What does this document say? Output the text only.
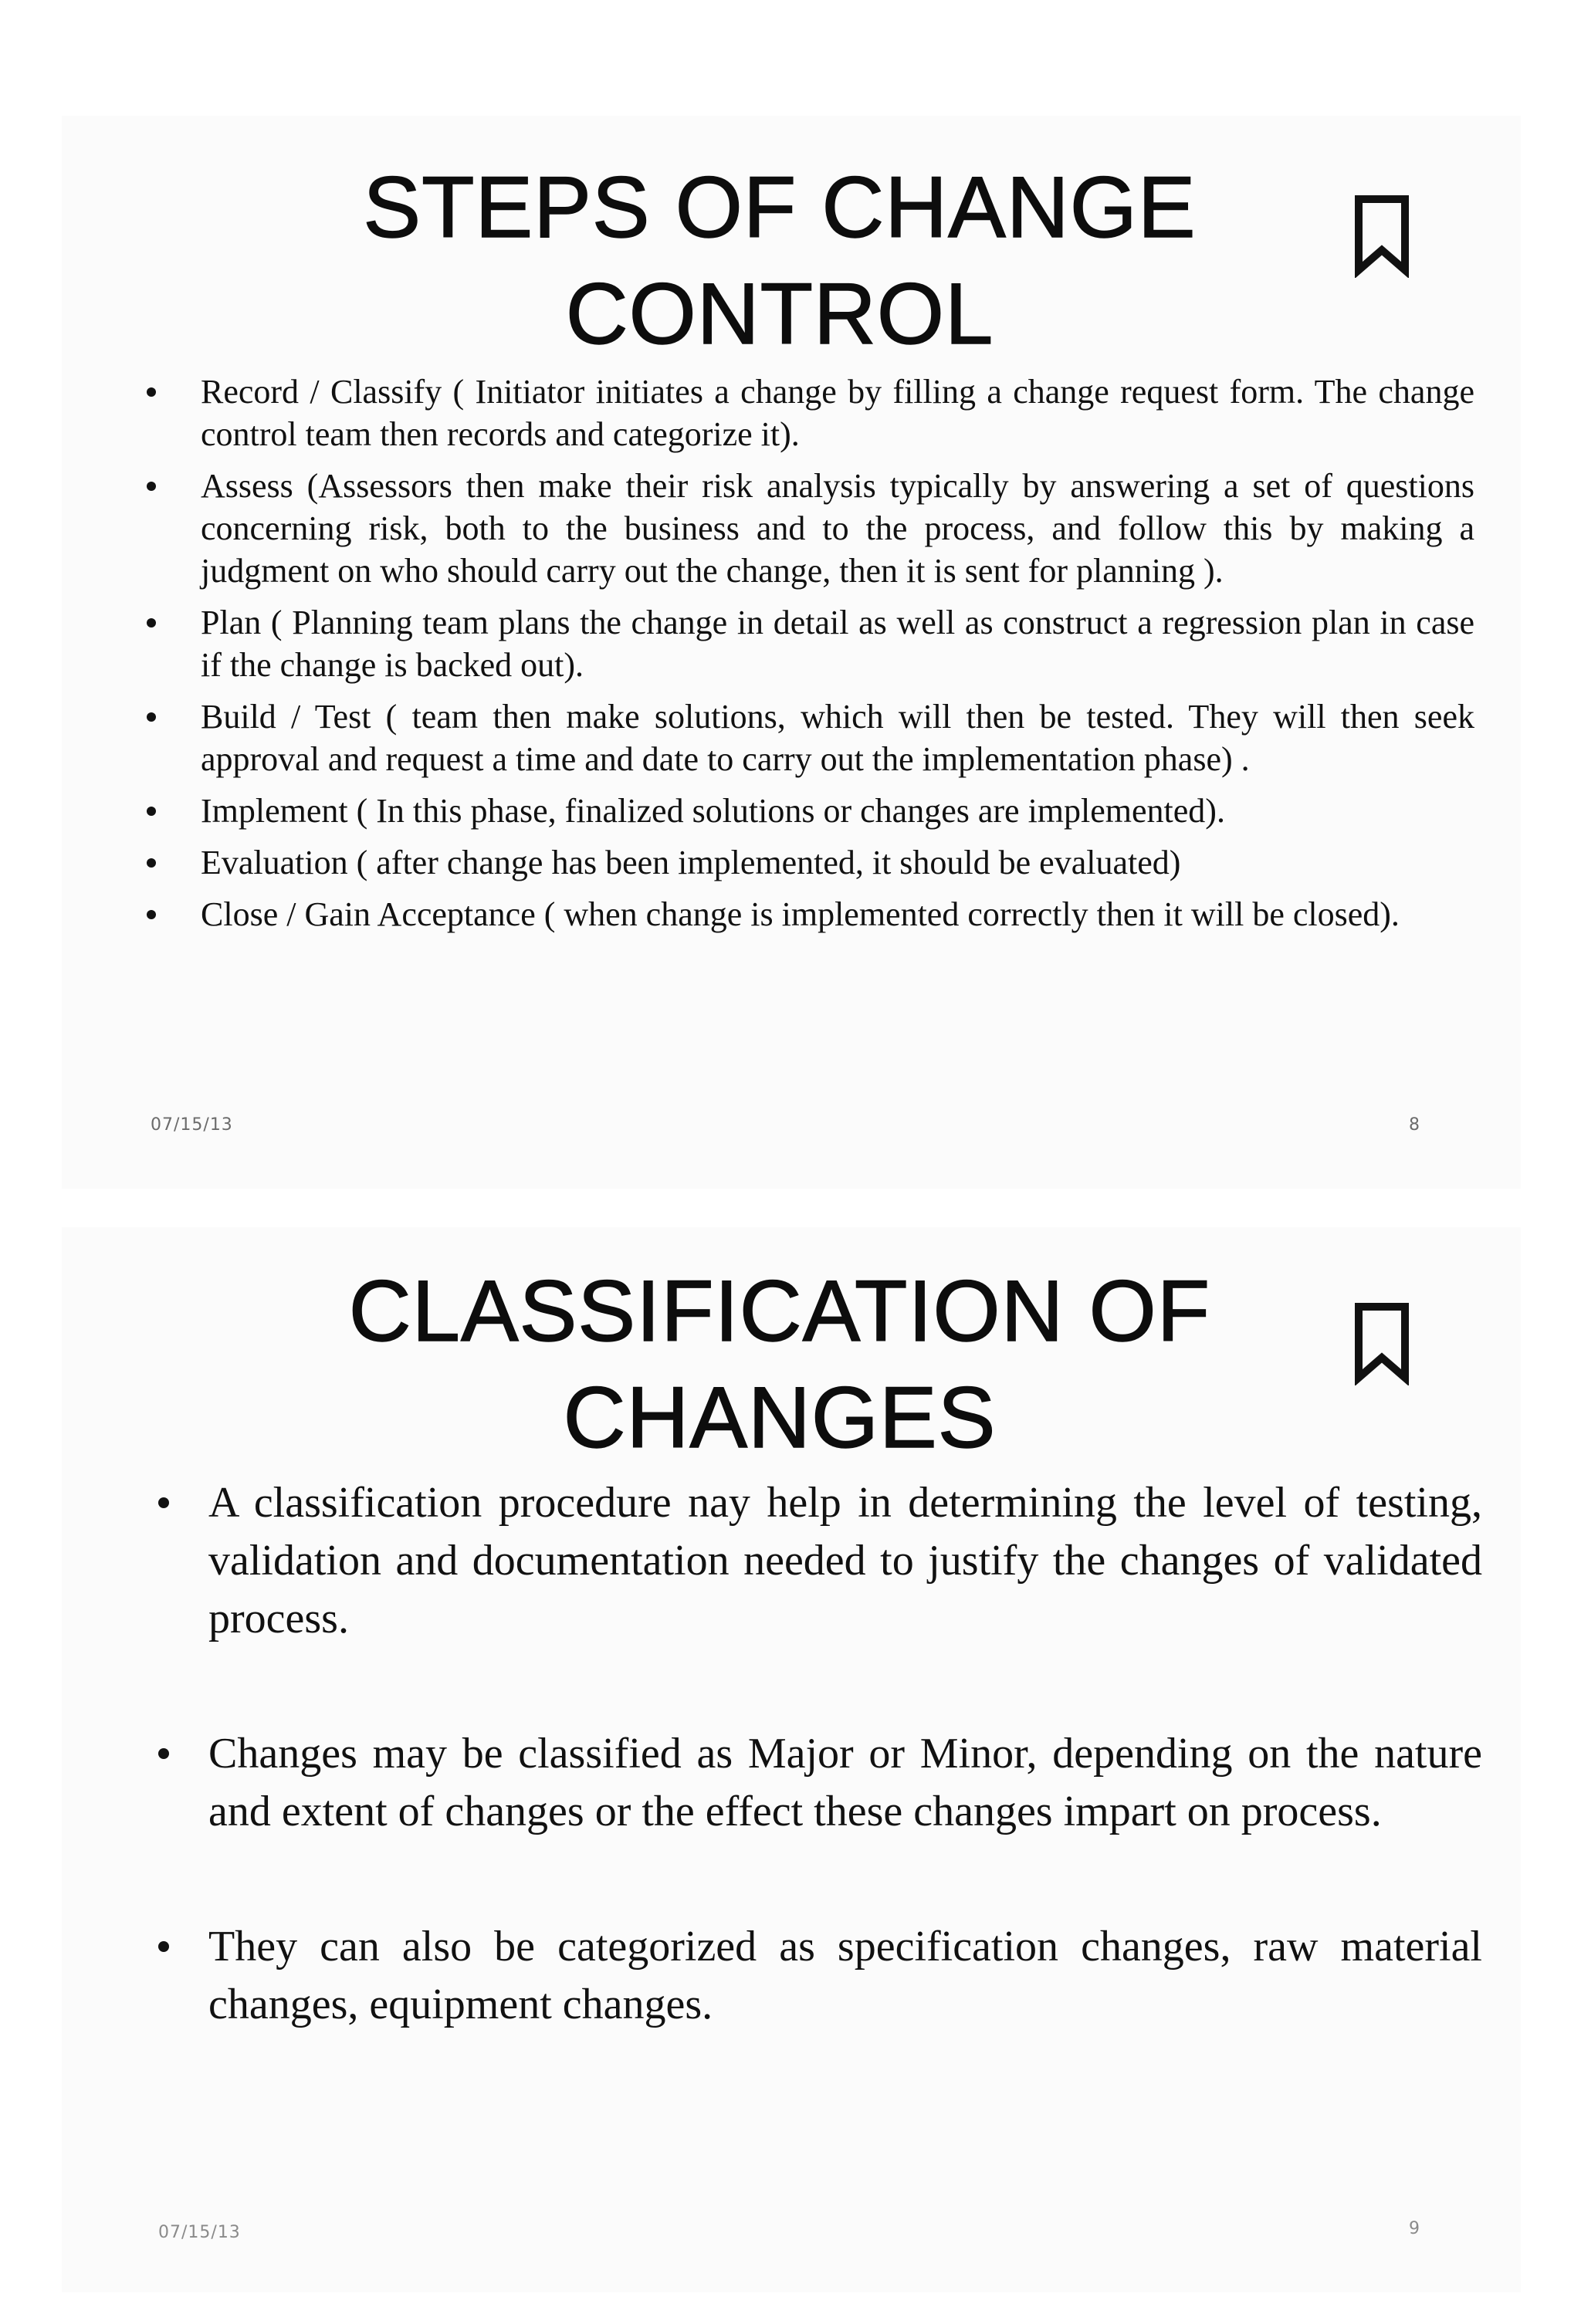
STEPS OF CHANGE
CONTROL
Record / Classify ( Initiator initiates a change by filling a change request form. The change control team then records and categorize it).
Assess (Assessors then make their risk analysis typically by answering a set of questions concerning risk, both to the business and to the process, and follow this by making a judgment on who should carry out the change, then it is sent for planning ).
Plan ( Planning team plans the change in detail as well as construct a regression plan in case if the change is backed out).
Build / Test ( team then make solutions, which will then be tested. They will then seek approval and request a time and date to carry out the implementation phase) .
Implement ( In this phase, finalized solutions or changes are implemented).
Evaluation ( after change has been implemented, it should be evaluated)
Close / Gain Acceptance ( when change is implemented correctly then it will be closed).
07/15/13	8
CLASSIFICATION OF
CHANGES
A classification procedure nay help in determining the level of testing, validation and documentation needed to justify the changes of validated process.
Changes may be classified as Major or Minor, depending on the nature and extent of changes or the effect these changes impart on process.
They can also be categorized as specification changes, raw material changes, equipment changes.
07/15/13	9
